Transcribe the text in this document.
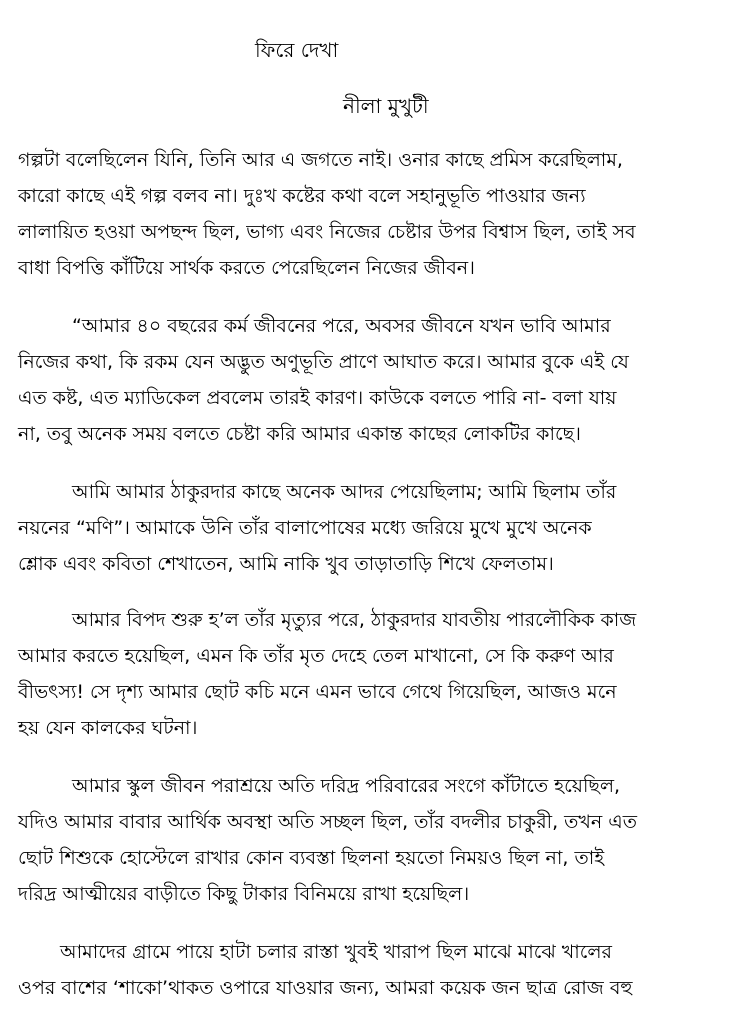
ফিরে দেখা
নীলা মুখুটী
গল্পটা বলেছিলেন যিনি, তিনি আর এ জগতে নাই। ওনার কাছে প্রমিস করেছিলাম,
কারো কাছে এই গল্প বলব না। দুঃখ কষ্টের কথা বলে সহানুভূতি পাওয়ার জন্য
লালায়িত হওয়া অপছন্দ ছিল, ভাগ্য এবং নিজের চেষ্টার উপর বিশ্বাস ছিল, তাই সব
বাধা বিপত্তি কাঁটিয়ে সার্থক করতে পেরেছিলেন নিজের জীবন।
“আমার ৪০ বছরের কর্ম জীবনের পরে, অবসর জীবনে যখন ভাবি আমার
নিজের কথা, কি রকম যেন অদ্ভুত অণুভূতি প্রাণে আঘাত করে। আমার বুকে এই যে
এত কষ্ট, এত ম্যাডিকেল প্রবলেম তারই কারণ। কাউকে বলতে পারি না- বলা যায়
না, তবু অনেক সময় বলতে চেষ্টা করি আমার একান্ত কাছের লোকটির কাছে।
আমি আমার ঠাকুরদার কাছে অনেক আদর পেয়েছিলাম; আমি ছিলাম তাঁর
নয়নের “মণি”। আমাকে উনি তাঁর বালাপোষের মধ্যে জরিয়ে মুখে মুখে অনেক
শ্লোক এবং কবিতা শেখাতেন, আমি নাকি খুব তাড়াতাড়ি শিখে ফেলতাম।
আমার বিপদ শুরু হ’ল তাঁর মৃত্যুর পরে, ঠাকুরদার যাবতীয় পারলৌকিক কাজ
আমার করতে হয়েছিল, এমন কি তাঁর মৃত দেহে তেল মাখানো, সে কি করুণ আর
বীভৎস্য! সে দৃশ্য আমার ছোট কচি মনে এমন ভাবে গেথে গিয়েছিল, আজও মনে
হয় যেন কালকের ঘটনা।
আমার স্কুল জীবন পরাশ্রয়ে অতি দরিদ্র পরিবারের সংগে কাঁটাতে হয়েছিল,
যদিও আমার বাবার আর্থিক অবস্থা অতি সচ্ছল ছিল, তাঁর বদলীর চাকুরী, তখন এত
ছোট শিশুকে হোস্টেলে রাখার কোন ব্যবস্তা ছিলনা হয়তো নিময়ও ছিল না, তাই
দরিদ্র আত্মীয়ের বাড়ীতে কিছু টাকার বিনিময়ে রাখা হয়েছিল।
আমাদের গ্রামে পায়ে হাটা চলার রাস্তা খুবই খারাপ ছিল মাঝে মাঝে খালের
ওপর বাশের ‘শাকো’থাকত ওপারে যাওয়ার জন্য, আমরা কয়েক জন ছাত্র রোজ বহু
